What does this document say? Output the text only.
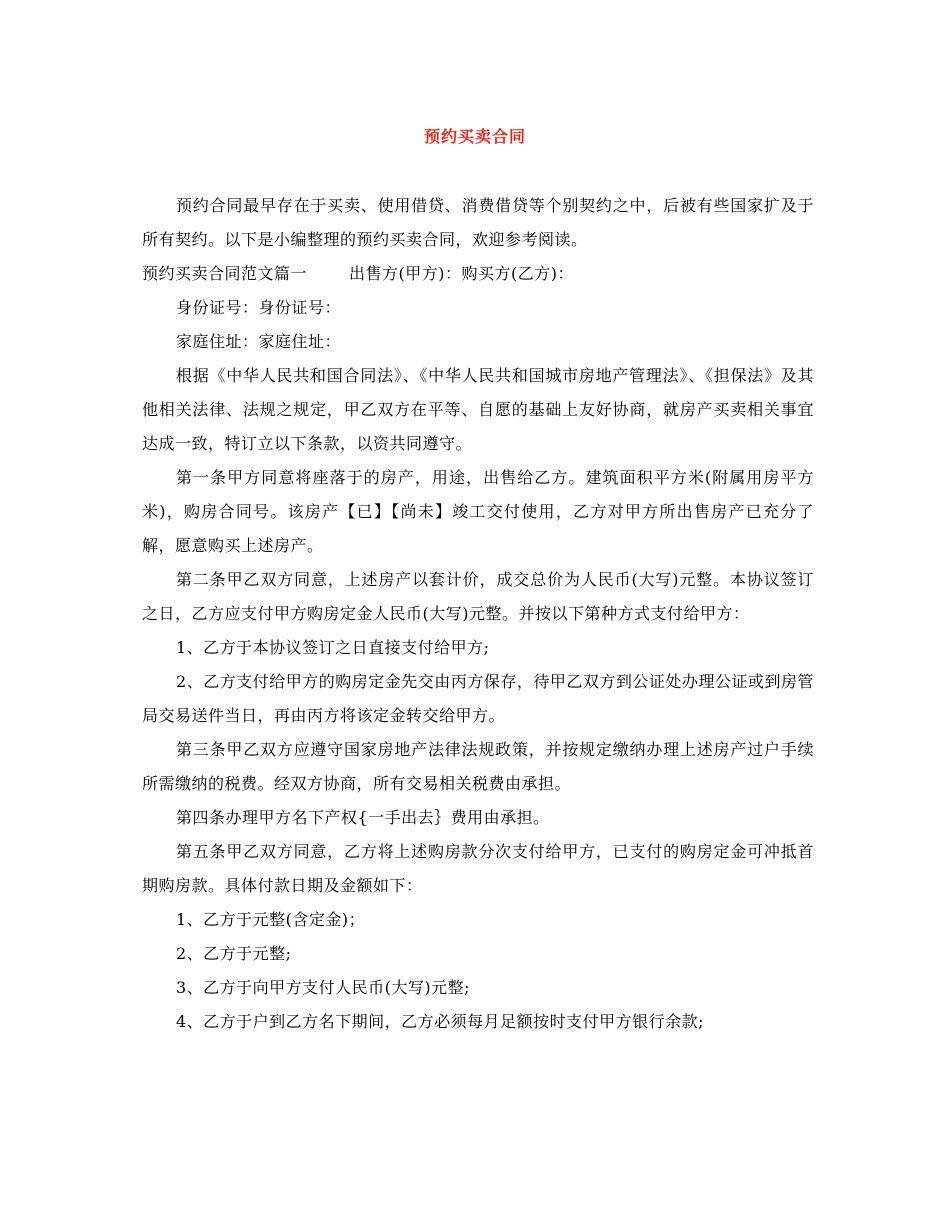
预约买卖合同

预约合同最早存在于买卖、使用借贷、消费借贷等个别契约之中，后被有些国家扩及于所有契约。以下是小编整理的预约买卖合同，欢迎参考阅读。

预约买卖合同范文篇一	出售方(甲方)：购买方(乙方)：

身份证号：身份证号：

家庭住址：家庭住址：

根据《中华人民共和国合同法》、《中华人民共和国城市房地产管理法》、《担保法》及其他相关法律、法规之规定，甲乙双方在平等、自愿的基础上友好协商，就房产买卖相关事宜达成一致，特订立以下条款，以资共同遵守。

第一条甲方同意将座落于的房产，用途，出售给乙方。建筑面积平方米(附属用房平方米)，购房合同号。该房产【已】【尚未】竣工交付使用，乙方对甲方所出售房产已充分了解，愿意购买上述房产。

第二条甲乙双方同意，上述房产以套计价，成交总价为人民币(大写)元整。本协议签订之日，乙方应支付甲方购房定金人民币(大写)元整。并按以下第种方式支付给甲方：

1、乙方于本协议签订之日直接支付给甲方;

2、乙方支付给甲方的购房定金先交由丙方保存，待甲乙双方到公证处办理公证或到房管局交易送件当日，再由丙方将该定金转交给甲方。

第三条甲乙双方应遵守国家房地产法律法规政策，并按规定缴纳办理上述房产过户手续所需缴纳的税费。经双方协商，所有交易相关税费由承担。

第四条办理甲方名下产权{一手出去｝费用由承担。

第五条甲乙双方同意，乙方将上述购房款分次支付给甲方，已支付的购房定金可冲抵首期购房款。具体付款日期及金额如下：

1、乙方于元整(含定金)；

2、乙方于元整;

3、乙方于向甲方支付人民币(大写)元整;

4、乙方于户到乙方名下期间，乙方必须每月足额按时支付甲方银行余款;
